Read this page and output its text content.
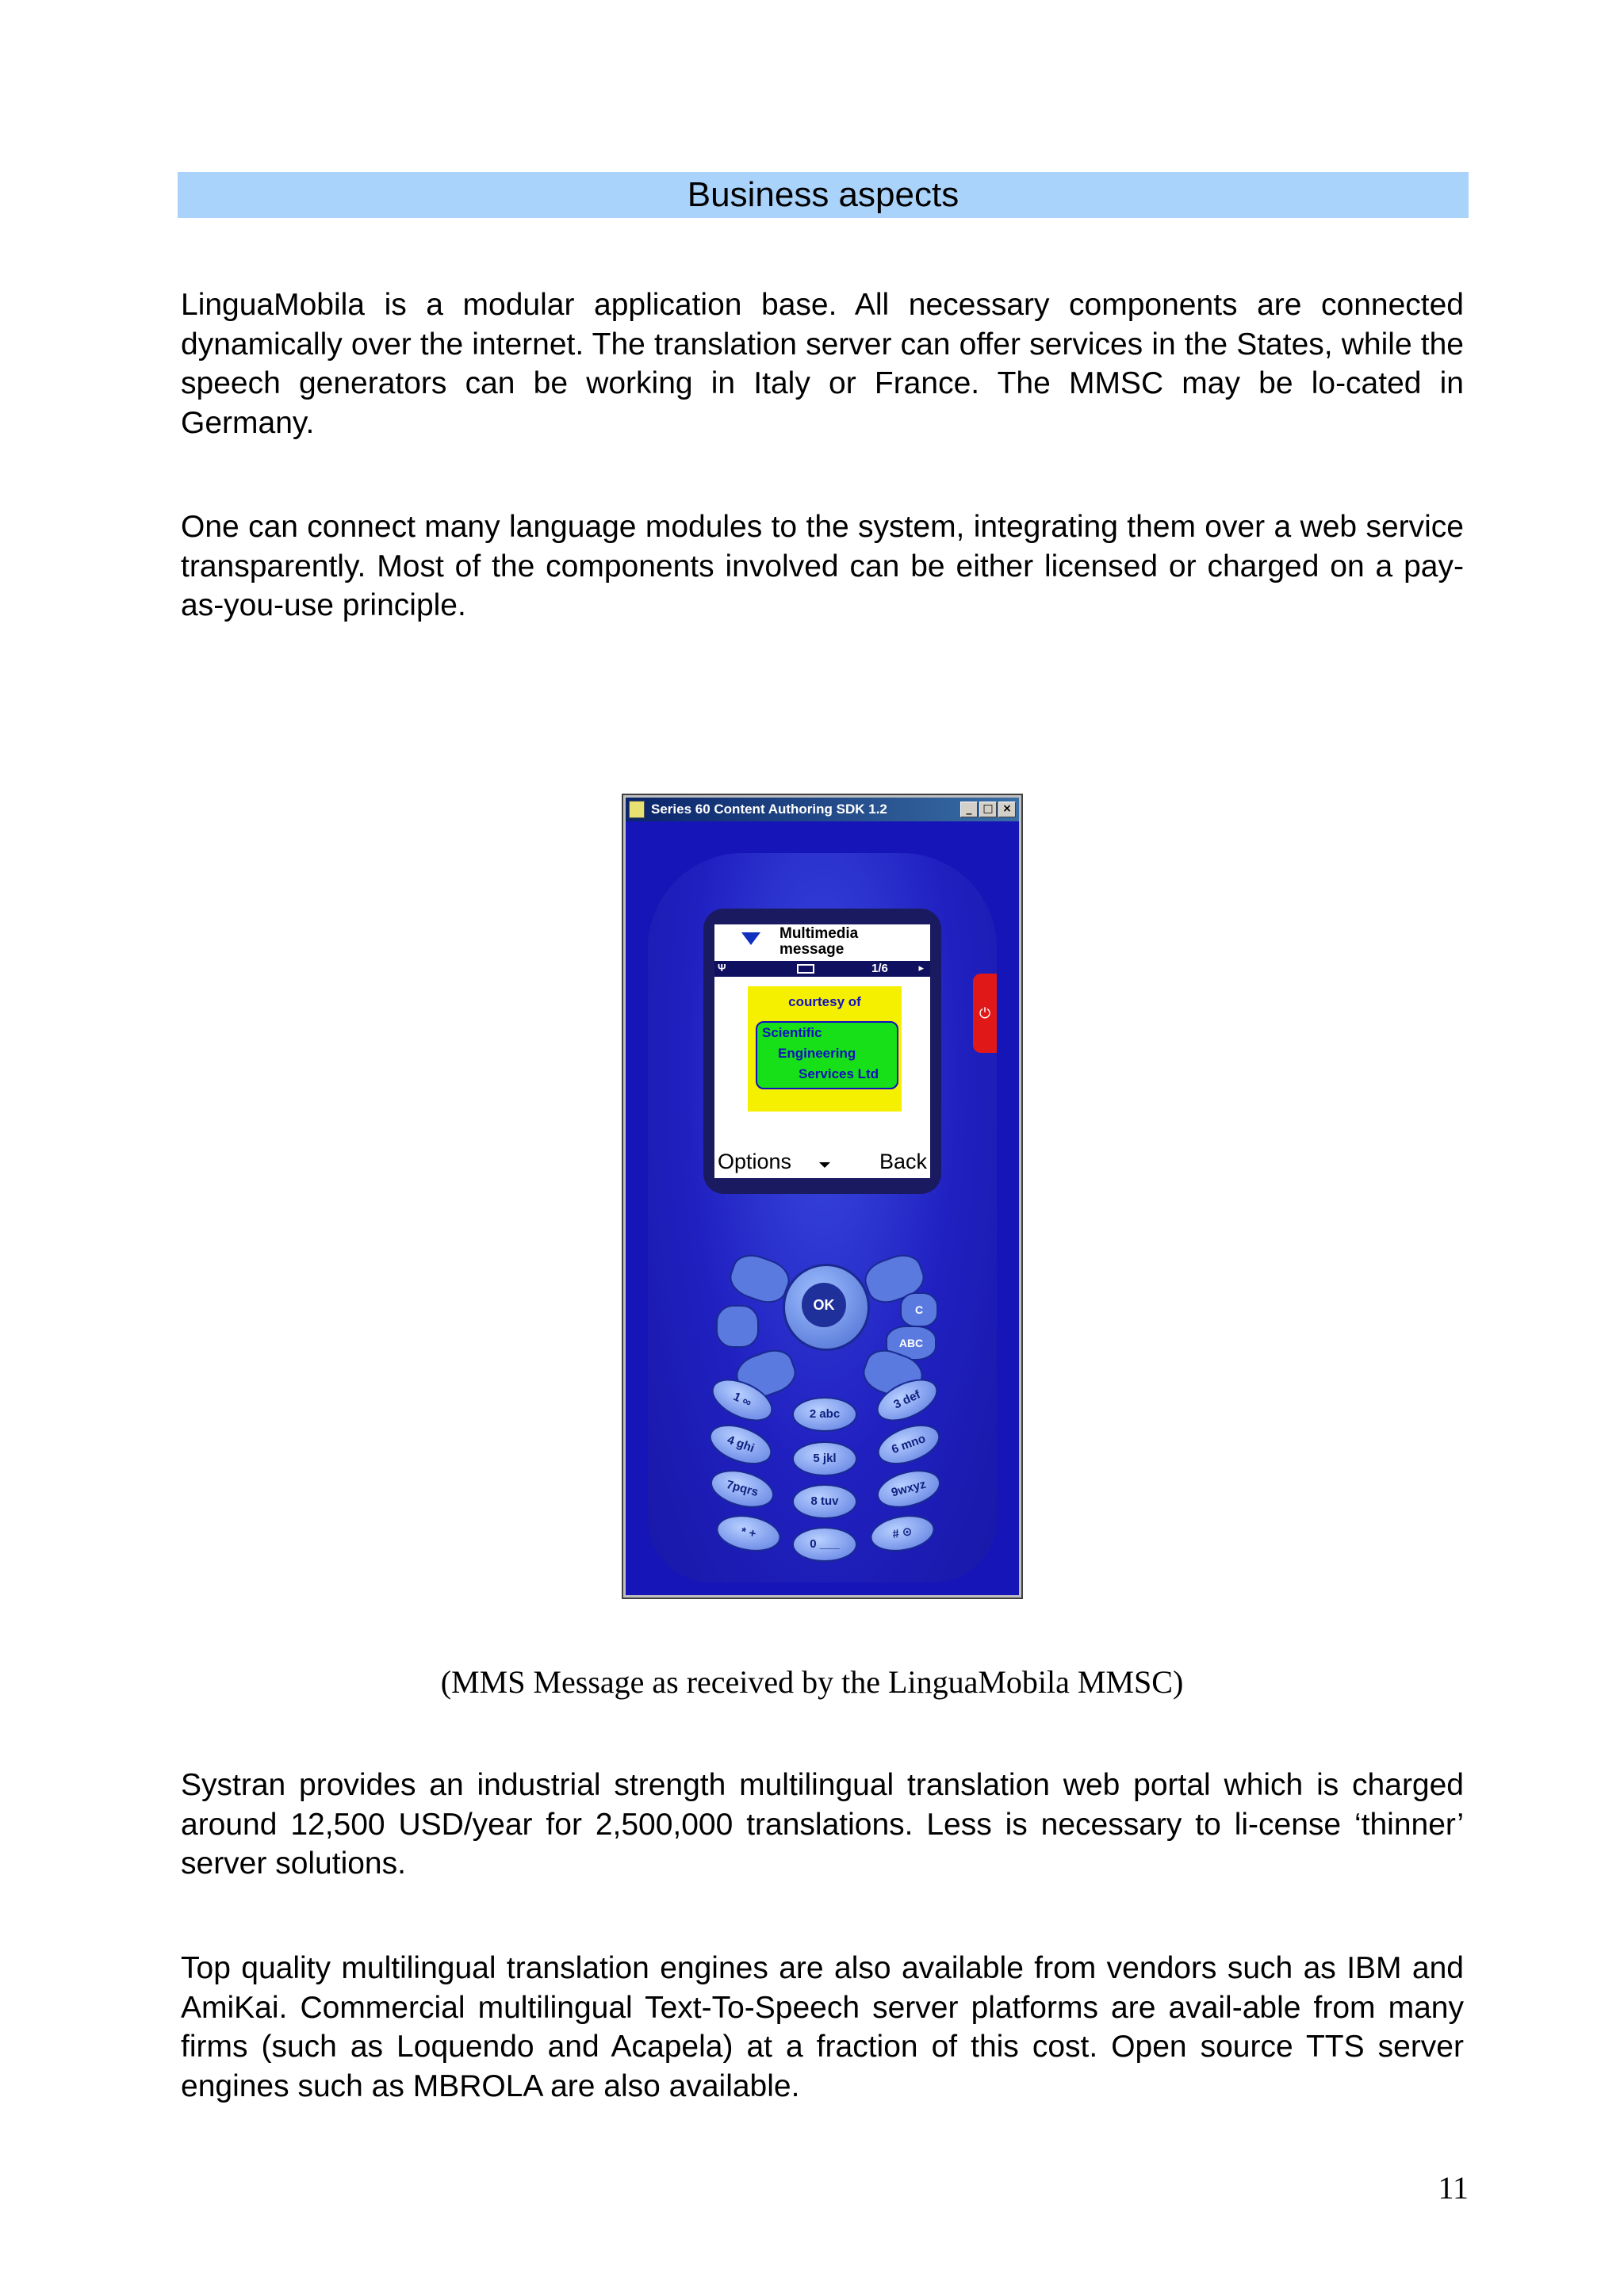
Business aspects

LinguaMobila is a modular application base. All necessary components are connected dynamically over the internet. The translation server can offer services in the States, while the speech generators can be working in Italy or France. The MMSC may be lo-cated in Germany.

One can connect many language modules to the system, integrating them over a web service transparently. Most of the components involved can be either licensed or charged on a pay-as-you-use principle.

Series 60 Content Authoring SDK 1.2	_ □ ×
Multimedia message
Ψ	1/6	▸
courtesy of
Scientific
Engineering
Services Ltd
Options	Back
⏻
C
ABC
OK
1 ∞
2 abc
3 def
4 ghi
5 jkl
6 mno
7pqrs
8 tuv
9wxyz
* +
0 ___
# ⊙
(MMS Message as received by the LinguaMobila MMSC)

Systran provides an industrial strength multilingual translation web portal which is charged around 12,500 USD/year for 2,500,000 translations. Less is necessary to li-cense ‘thinner’ server solutions.

Top quality multilingual translation engines are also available from vendors such as IBM and AmiKai. Commercial multilingual Text-To-Speech server platforms are avail-able from many firms (such as Loquendo and Acapela) at a fraction of this cost. Open source TTS server engines such as MBROLA are also available.

11
